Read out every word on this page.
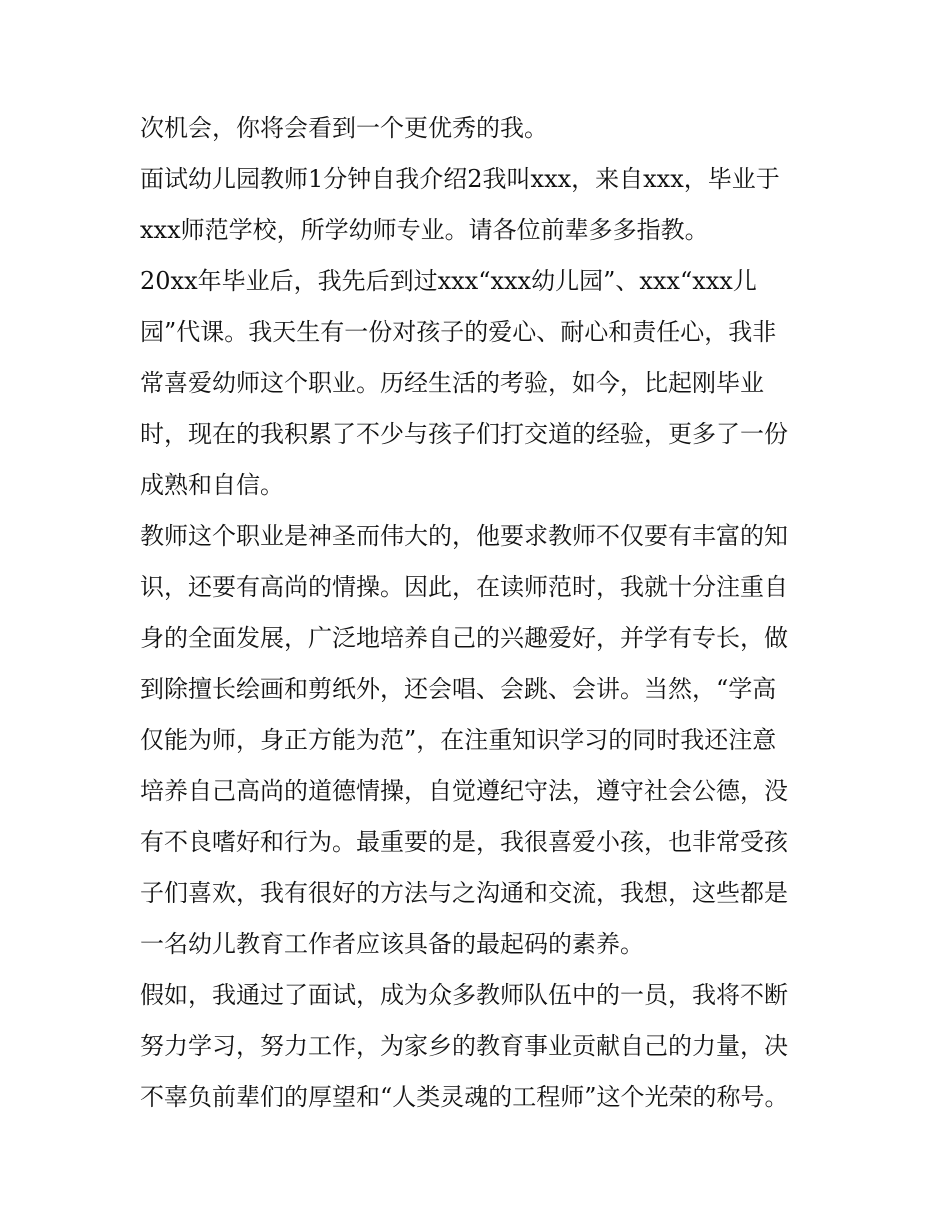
次机会，你将会看到一个更优秀的我。
面试幼儿园教师1分钟自我介绍2我叫xxx，来自xxx，毕业于
xxx师范学校，所学幼师专业。请各位前辈多多指教。
20xx年毕业后，我先后到过xxx“xxx幼儿园”、xxx“xxx儿
园”代课。我天生有一份对孩子的爱心、耐心和责任心，我非
常喜爱幼师这个职业。历经生活的考验，如今，比起刚毕业
时，现在的我积累了不少与孩子们打交道的经验，更多了一份
成熟和自信。
教师这个职业是神圣而伟大的，他要求教师不仅要有丰富的知
识，还要有高尚的情操。因此，在读师范时，我就十分注重自
身的全面发展，广泛地培养自己的兴趣爱好，并学有专长，做
到除擅长绘画和剪纸外，还会唱、会跳、会讲。当然，“学高
仅能为师，身正方能为范”，在注重知识学习的同时我还注意
培养自己高尚的道德情操，自觉遵纪守法，遵守社会公德，没
有不良嗜好和行为。最重要的是，我很喜爱小孩，也非常受孩
子们喜欢，我有很好的方法与之沟通和交流，我想，这些都是
一名幼儿教育工作者应该具备的最起码的素养。
假如，我通过了面试，成为众多教师队伍中的一员，我将不断
努力学习，努力工作，为家乡的教育事业贡献自己的力量，决
不辜负前辈们的厚望和“人类灵魂的工程师”这个光荣的称号。
